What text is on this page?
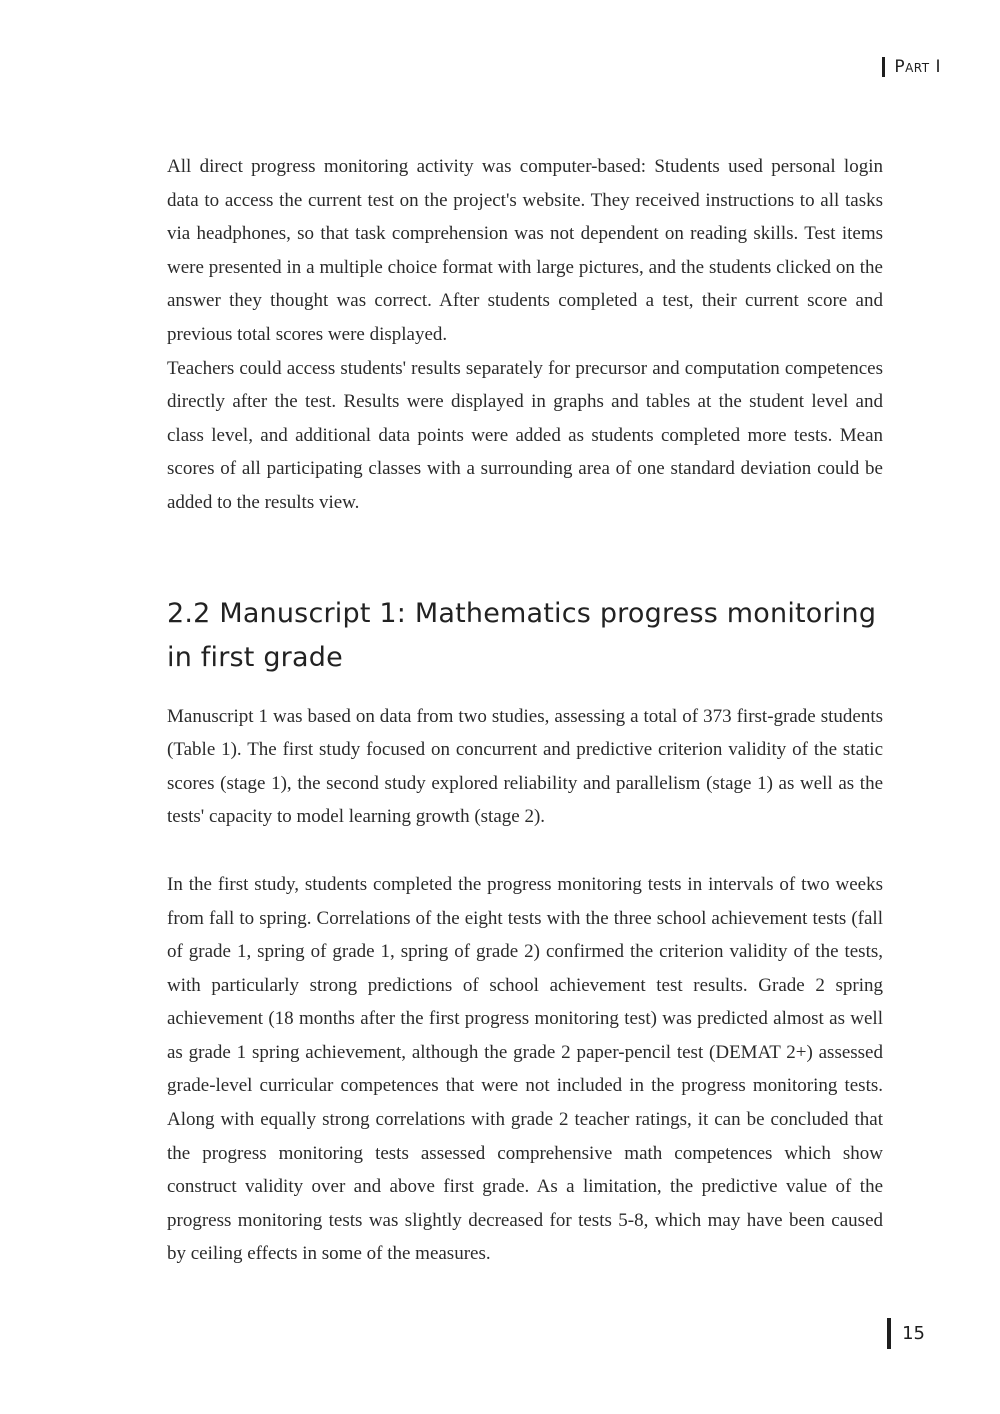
Part I

All direct progress monitoring activity was computer-based: Students used personal login data to access the current test on the project's website. They received instructions to all tasks via headphones, so that task comprehension was not dependent on reading skills. Test items were presented in a multiple choice format with large pictures, and the students clicked on the answer they thought was correct. After students completed a test, their current score and previous total scores were displayed.

Teachers could access students' results separately for precursor and computation competences directly after the test. Results were displayed in graphs and tables at the student level and class level, and additional data points were added as students completed more tests. Mean scores of all participating classes with a surrounding area of one standard deviation could be added to the results view.

2.2 Manuscript 1: Mathematics progress monitoring in first grade

Manuscript 1 was based on data from two studies, assessing a total of 373 first-grade students (Table 1). The first study focused on concurrent and predictive criterion validity of the static scores (stage 1), the second study explored reliability and parallelism (stage 1) as well as the tests' capacity to model learning growth (stage 2).

In the first study, students completed the progress monitoring tests in intervals of two weeks from fall to spring. Correlations of the eight tests with the three school achievement tests (fall of grade 1, spring of grade 1, spring of grade 2) confirmed the criterion validity of the tests, with particularly strong predictions of school achievement test results. Grade 2 spring achievement (18 months after the first progress monitoring test) was predicted almost as well as grade 1 spring achievement, although the grade 2 paper-pencil test (DEMAT 2+) assessed grade-level curricular competences that were not included in the progress monitoring tests. Along with equally strong correlations with grade 2 teacher ratings, it can be concluded that the progress monitoring tests assessed comprehensive math competences which show construct validity over and above first grade. As a limitation, the predictive value of the progress monitoring tests was slightly decreased for tests 5-8, which may have been caused by ceiling effects in some of the measures.

15
